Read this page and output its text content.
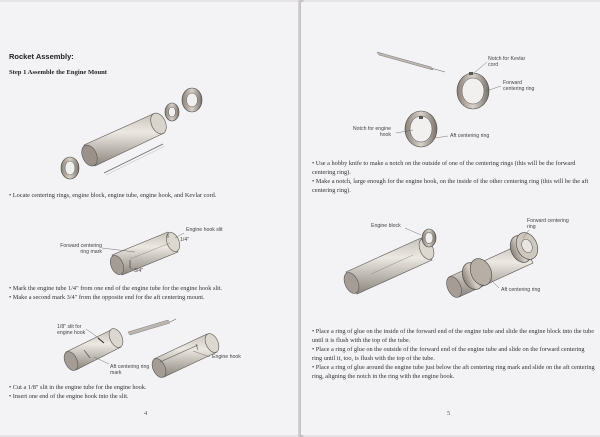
Rocket Assembly:
Step 1 Assemble the Engine Mount
• Locate centering rings, engine block, engine tube, engine hook, and Kevlar cord.
Engine hook slit
1/4"
Forward centering ring mark
3/4"
• Mark the engine tube 1/4" from one end of the engine tube for the engine hook slit.
• Make a second mark 3/4" from the opposite end for the aft centering mount.
1/8" slit for engine hook
Aft centering ring mark
Engine hook
• Cut a 1/8" slit in the engine tube for the engine hook.
• Insert one end of the engine hook into the slit.
4
Notch for Kevlar cord
Forward centering ring
Notch for engine hook	Aft centering ring
• Use a hobby knife to make a notch on the outside of one of the centering rings (this will be the forward centering ring).
• Make a notch, large enough for the engine hook, on the inside of the other centering ring (this will be the aft centering ring).
Engine block
Forward centering ring
Aft centering ring
• Place a ring of glue on the inside of the forward end of the engine tube and slide the engine block into the tube until it is flush with the top of the tube.
• Place a ring of glue on the outside of the forward end of the engine tube and slide on the forward centering ring until it, too, is flush with the top of the tube.
• Place a ring of glue around the engine tube just below the aft centering ring mark and slide on the aft centering ring, aligning the notch in the ring with the engine hook.
5
